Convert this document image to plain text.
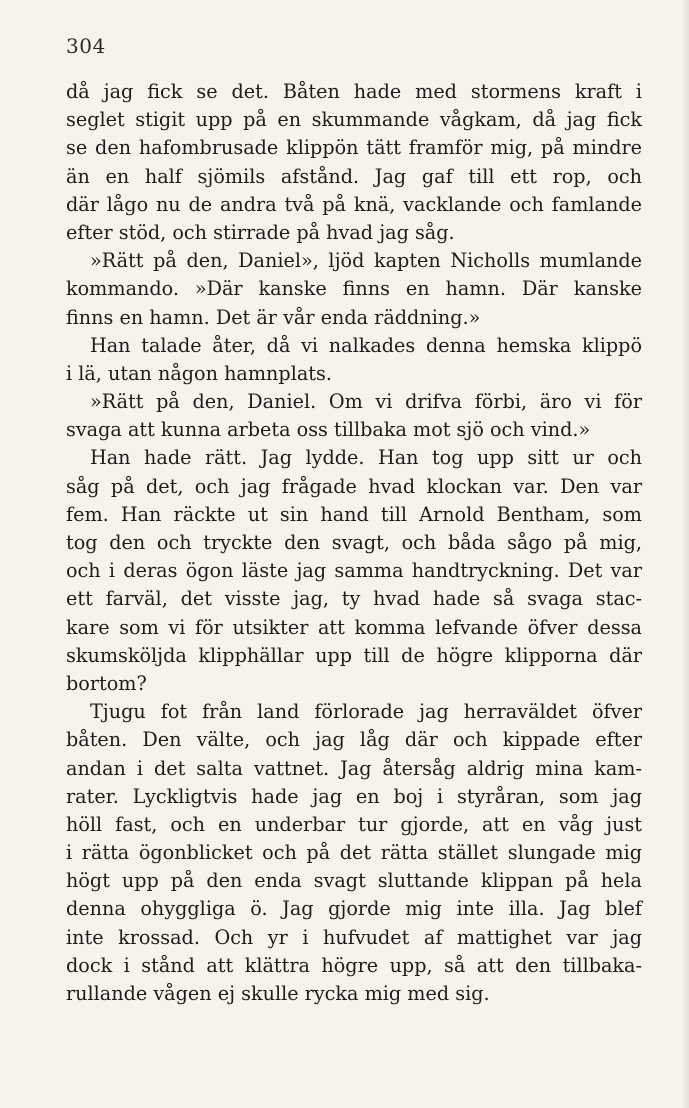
304
då jag fick se det. Båten hade med stormens kraft i
seglet stigit upp på en skummande vågkam, då jag fick
se den hafombrusade klippön tätt framför mig, på mindre
än en half sjömils afstånd. Jag gaf till ett rop, och
där lågo nu de andra två på knä, vacklande och famlande
efter stöd, och stirrade på hvad jag såg.
»Rätt på den, Daniel», ljöd kapten Nicholls mumlande
kommando. »Där kanske finns en hamn. Där kanske
finns en hamn. Det är vår enda räddning.»
Han talade åter, då vi nalkades denna hemska klippö
i lä, utan någon hamnplats.
»Rätt på den, Daniel. Om vi drifva förbi, äro vi för
svaga att kunna arbeta oss tillbaka mot sjö och vind.»
Han hade rätt. Jag lydde. Han tog upp sitt ur och
såg på det, och jag frågade hvad klockan var. Den var
fem. Han räckte ut sin hand till Arnold Bentham, som
tog den och tryckte den svagt, och båda sågo på mig,
och i deras ögon läste jag samma handtryckning. Det var
ett farväl, det visste jag, ty hvad hade så svaga stac-
kare som vi för utsikter att komma lefvande öfver dessa
skumsköljda klipphällar upp till de högre klipporna där
bortom?
Tjugu fot från land förlorade jag herraväldet öfver
båten. Den välte, och jag låg där och kippade efter
andan i det salta vattnet. Jag återsåg aldrig mina kam-
rater. Lyckligtvis hade jag en boj i styråran, som jag
höll fast, och en underbar tur gjorde, att en våg just
i rätta ögonblicket och på det rätta stället slungade mig
högt upp på den enda svagt sluttande klippan på hela
denna ohyggliga ö. Jag gjorde mig inte illa. Jag blef
inte krossad. Och yr i hufvudet af mattighet var jag
dock i stånd att klättra högre upp, så att den tillbaka-
rullande vågen ej skulle rycka mig med sig.
